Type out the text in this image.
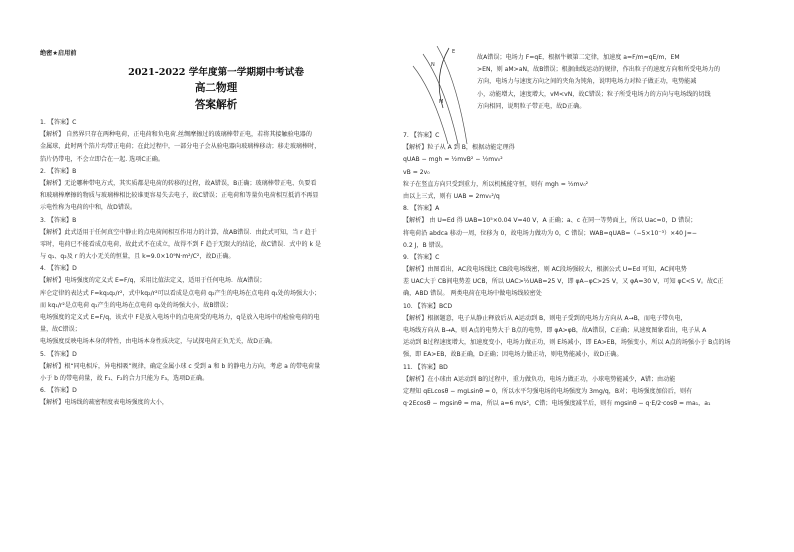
绝密★启用前
2021-2022 学年度第一学期期中考试卷
高二物理
答案解析
1. 【答案】C
【解析】 自然界只存在两种电荷，正电荷和负电荷.丝绸摩擦过的玻璃棒带正电，若将其接触验电器的
金属球，此时两个箔片均带正电荷；在此过程中，一部分电子会从验电器向玻璃棒移动；移走玻璃棒时，
箔片仍带电，不会立即合在一起. 选项C正确。
2. 【答案】B
【解析】无论哪种带电方式，其实质都是电荷的转移的过程，故A错误，B正确；玻璃棒带正电、负要看
和玻璃棒摩擦的物质与玻璃棒相比较谁更容易失去电子，故C错误；正电荷和等量负电荷相互抵消不再显
示电性称为电荷的中和，故D错误。
3. 【答案】B
【解析】此式适用于任何真空中静止的点电荷间相互作用力的计算，故AB错误．由此式可知，当 r 趋于
零时，电荷已不能看成点电荷，故此式不在成立，故得不到 F 趋于无限大的结论，故C错误．式中的 k 是
与 q₁、q₂及 r 的大小无关的恒量，且 k=9.0×10⁹N·m²/C²，故D正确。
4. 【答案】D
【解析】电场强度的定义式 E=F/q，采用比值法定义，适用于任何电场．故A错误；
库仑定律的表达式 F=kq₁q₂/r²，式中kq₂/r²可以看成是点电荷 q₂产生的电场在点电荷 q₁处的场强大小；
而 kq₁/r²是点电荷 q₁产生的电场在点电荷 q₂处的场强大小，故B错误；
电场强度的定义式 E=F/q，该式中 F是放入电场中的点电荷受的电场力，q是放入电场中的检验电荷的电
量，故C错误；
电场强度反映电场本身的特性，由电场本身性质决定，与试探电荷正负无关，故D正确。
5. 【答案】D
【解析】根“同电相斥，异电相吸”规律，确定金属小球 c 受到 a 和 b 的静电力方向，考虑 a 的带电荷量
小于 b 的带电荷量，故 F₁、F₂的合力只能为 F₃，选项D正确。
6. 【答案】D
【解析】电场线的疏密程度表电场强度的大小，
E
N
M
故A错误；电场力 F=qE，根据牛顿第二定律，加速度 a=F/m=qE/m，EM
>EN，则 aM>aN，故B错误；根据曲线运动的规律，作出粒子的速度方向和所受电场力的
方向，电场力与速度方向之间的夹角为钝角，说明电场力对粒子做正功，电势能减
小，动能增大，速度增大，vM<vN，故C错误；粒子所受电场力的方向与电场线的切线
方向相同，说明粒子带正电，故D正确。
7. 【答案】C
【解析】粒子从 A 到 B，根据动能定理得
qUAB − mgh = ½mvB² − ½mv₀²
vB = 2v₀
粒子在竖直方向只受到重力，所以机械能守恒，则有 mgh = ½mv₀²
由以上三式，则有 UAB = 2mv₀²/q
8. 【答案】A
【解析】 由 U=Ed 得 UAB=10⁵×0.04 V=40 V，A 正确；a、c 在同一等势面上，所以 Uac=0，D 错误；
将电荷沿 abdca 移动一周，位移为 0，故电场力做功为 0，C 错误；WAB=qUAB=（−5×10⁻³）×40 J=−
0.2 J，B 错误。
9. 【答案】C
【解析】由图看出，AC段电场线比 CB段电场线密，则 AC段场强较大，根据公式 U=Ed 可知，AC间电势
差 UAC大于 CB间电势差 UCB，所以 UAC>½UAB=25 V，即 φA−φC>25 V，又 φA=30 V，可知 φC<5 V。故C正
确，ABD 错误。 两类电荷在电场中做电场线较密处
10. 【答案】BCD
【解析】根据题意，电子从静止释放后从 A运动到 B，则电子受到的电场力方向从 A→B，而电子带负电，
电场线方向从 B→A，则 A点的电势大于 B点的电势，即 φA>φB，故A错误，C正确；从速度图象看出，电子从 A
运动到 B过程速度增大，加速度变小，电场力做正功，则 E场减小，即 EA>EB，场强变小，所以 A点的场强小于 B点的场
强，即 EA>EB，故B正确，D正确；因电场力做正功，则电势能减小，故D正确。
11. 【答案】BD
【解析】在小球由 A运动到 B的过程中，重力做负功，电场力做正功，小球电势能减少，A错；由动能
定理知 qELcosθ − mgLsinθ = 0，所以水平匀强电场的电场强度为 3mg/q，B对；电场强度加倍后，则有
q·2Ecosθ − mgsinθ = ma，所以 a=6 m/s²，C错；电场强度减半后，则有 mgsinθ − q·E/2·cosθ = ma₁，a₁
